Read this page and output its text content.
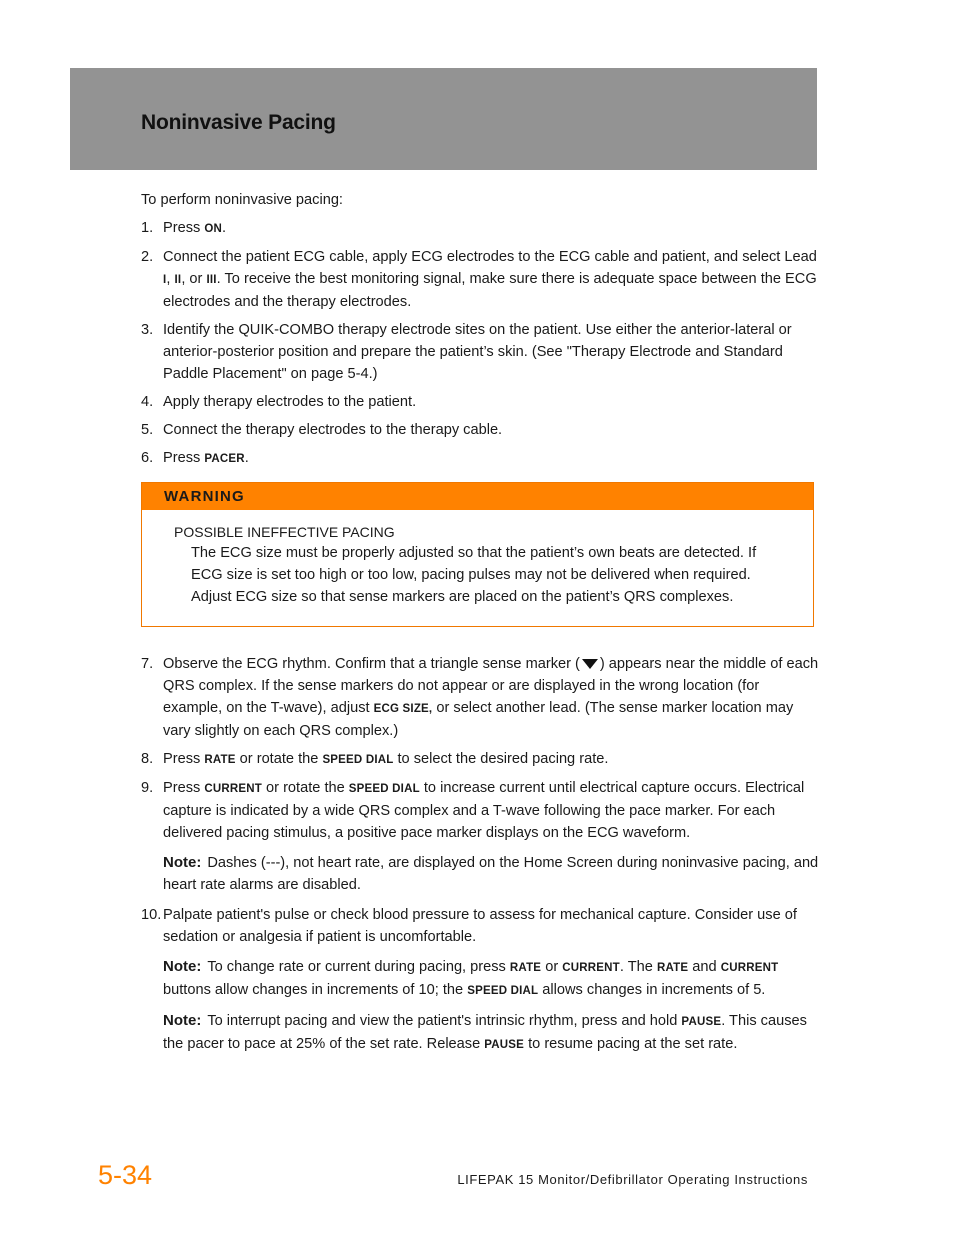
Noninvasive Pacing

To perform noninvasive pacing:

1. Press ON.
2. Connect the patient ECG cable, apply ECG electrodes to the ECG cable and patient, and select Lead I, II, or III. To receive the best monitoring signal, make sure there is adequate space between the ECG electrodes and the therapy electrodes.
3. Identify the QUIK-COMBO therapy electrode sites on the patient. Use either the anterior-lateral or anterior-posterior position and prepare the patient’s skin. (See "Therapy Electrode and Standard Paddle Placement" on page 5-4.)
4. Apply therapy electrodes to the patient.
5. Connect the therapy electrodes to the therapy cable.
6. Press PACER.
WARNING
POSSIBLE INEFFECTIVE PACING
The ECG size must be properly adjusted so that the patient’s own beats are detected. If ECG size is set too high or too low, pacing pulses may not be delivered when required. Adjust ECG size so that sense markers are placed on the patient’s QRS complexes.
7. Observe the ECG rhythm. Confirm that a triangle sense marker ( ) appears near the middle of each QRS complex. If the sense markers do not appear or are displayed in the wrong location (for example, on the T-wave), adjust ECG SIZE, or select another lead. (The sense marker location may vary slightly on each QRS complex.)
8. Press RATE or rotate the SPEED DIAL to select the desired pacing rate.
9. Press CURRENT or rotate the SPEED DIAL to increase current until electrical capture occurs. Electrical capture is indicated by a wide QRS complex and a T-wave following the pace marker. For each delivered pacing stimulus, a positive pace marker displays on the ECG waveform.
Note: Dashes (---), not heart rate, are displayed on the Home Screen during noninvasive pacing, and heart rate alarms are disabled.
10. Palpate patient's pulse or check blood pressure to assess for mechanical capture. Consider use of sedation or analgesia if patient is uncomfortable.
Note: To change rate or current during pacing, press RATE or CURRENT. The RATE and CURRENT buttons allow changes in increments of 10; the SPEED DIAL allows changes in increments of 5.
Note: To interrupt pacing and view the patient's intrinsic rhythm, press and hold PAUSE. This causes the pacer to pace at 25% of the set rate. Release PAUSE to resume pacing at the set rate.
5-34	LIFEPAK 15 Monitor/Defibrillator Operating Instructions
